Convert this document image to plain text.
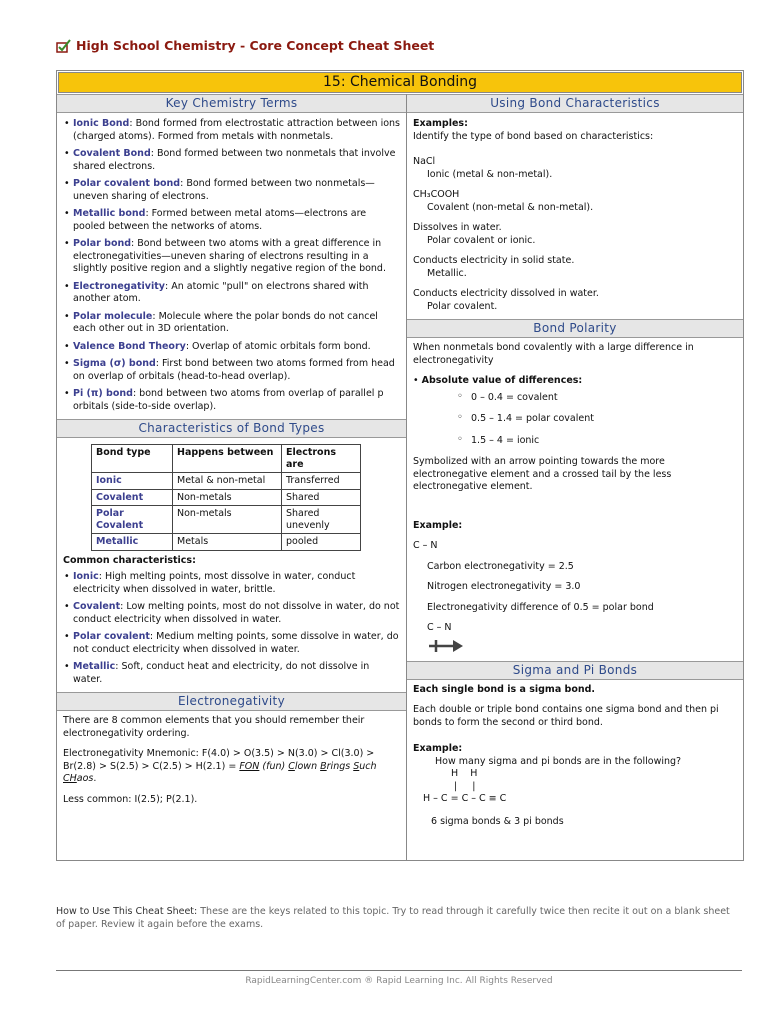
High School Chemistry - Core Concept Cheat Sheet
15: Chemical Bonding
Key Chemistry Terms
• Ionic Bond: Bond formed from electrostatic attraction between ions (charged atoms). Formed from metals with nonmetals.
• Covalent Bond: Bond formed between two nonmetals that involve shared electrons.
• Polar covalent bond: Bond formed between two nonmetals—uneven sharing of electrons.
• Metallic bond: Formed between metal atoms—electrons are pooled between the networks of atoms.
• Polar bond: Bond between two atoms with a great difference in electronegativities—uneven sharing of electrons resulting in a slightly positive region and a slightly negative region of the bond.
• Electronegativity: An atomic "pull" on electrons shared with another atom.
• Polar molecule: Molecule where the polar bonds do not cancel each other out in 3D orientation.
• Valence Bond Theory: Overlap of atomic orbitals form bond.
• Sigma (σ) bond: First bond between two atoms formed from head on overlap of orbitals (head-to-head overlap).
• Pi (π) bond: bond between two atoms from overlap of parallel p orbitals (side-to-side overlap).
Characteristics of Bond Types
Bond type	Happens between	Electrons are
Ionic	Metal & non-metal	Transferred
Covalent	Non-metals	Shared
Polar Covalent	Non-metals	Shared unevenly
Metallic	Metals	pooled
Common characteristics:
• Ionic: High melting points, most dissolve in water, conduct electricity when dissolved in water, brittle.
• Covalent: Low melting points, most do not dissolve in water, do not conduct electricity when dissolved in water.
• Polar covalent: Medium melting points, some dissolve in water, do not conduct electricity when dissolved in water.
• Metallic: Soft, conduct heat and electricity, do not dissolve in water.
Electronegativity

There are 8 common elements that you should remember their electronegativity ordering.

Electronegativity Mnemonic: F(4.0) > O(3.5) > N(3.0) > Cl(3.0) > Br(2.8) > S(2.5) > C(2.5) > H(2.1) = FON (fun) Clown Brings Such CHaos.

Less common: I(2.5); P(2.1).

Using Bond Characteristics
Examples:

Identify the type of bond based on characteristics:

NaCl
Ionic (metal & non-metal).

CH₃COOH
Covalent (non-metal & non-metal).

Dissolves in water.
Polar covalent or ionic.

Conducts electricity in solid state.
Metallic.

Conducts electricity dissolved in water.
Polar covalent.

Bond Polarity

When nonmetals bond covalently with a large difference in electronegativity

• Absolute value of differences:
◦ 0 – 0.4 = covalent
◦ 0.5 – 1.4 = polar covalent
◦ 1.5 – 4 = ionic

Symbolized with an arrow pointing towards the more electronegative element and a crossed tail by the less electronegative element.

Example:
C – N
Carbon electronegativity = 2.5
Nitrogen electronegativity = 3.0
Electronegativity difference of 0.5 = polar bond
C – N
Sigma and Pi Bonds
Each single bond is a sigma bond.

Each double or triple bond contains one sigma bond and then pi bonds to form the second or third bond.

Example:
How many sigma and pi bonds are in the following?
H    H
|     |
H – C = C – C ≡ C
6 sigma bonds & 3 pi bonds
How to Use This Cheat Sheet: These are the keys related to this topic. Try to read through it carefully twice then recite it out on a blank sheet of paper. Review it again before the exams.
RapidLearningCenter.com ® Rapid Learning Inc. All Rights Reserved
